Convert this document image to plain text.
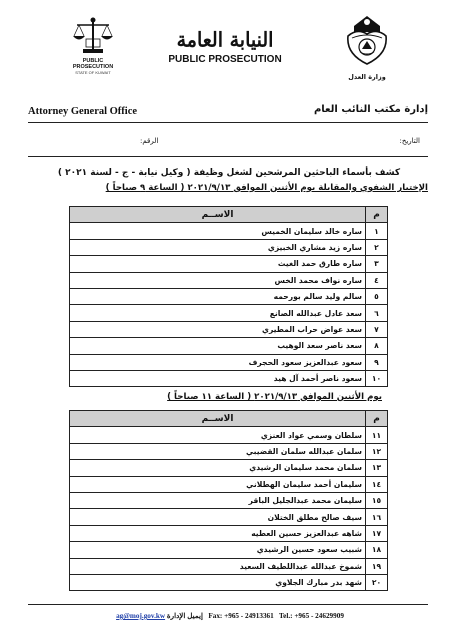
PUBLIC PROSECUTION
STATE OF KUWAIT
النيابة العامة
PUBLIC PROSECUTION
وزارة العدل
Attorney General Office	إدارة مكتب النائب العام
التاريخ:
الرقم:
كشف بأسماء الباحثين المرشحين لشغل وظيفة ( وكيل نيابة - ج - لسنة ٢٠٢١ )
الإختبار الشفوي والمقابلة يوم الأثنين الموافق ٢٠٢١/٩/١٣ ( الساعة ٩ صباحاً )
م	الاســم
١	ساره خالد سليمان الخميس
٢	ساره زيد مشاري الخبيزي
٣	ساره طارق حمد الغيث
٤	ساره نواف محمد الخس
٥	سالم وليد سالم بورحمه
٦	سعد عادل عبدالله الصانع
٧	سعد عواض حراب المطيري
٨	سعد ناصر سعد الوهيب
٩	سعود عبدالعزيز سعود الحجرف
١٠	سعود ناصر أحمد آل هيد
يوم الأثنين الموافق ٢٠٢١/٩/١٣ ( الساعة ١١ صباحاً )
م	الاســم
١١	سلطان وسمي عواد العنزي
١٢	سلمان عبدالله سلمان القضيبي
١٣	سلمان محمد سليمان الرشيدي
١٤	سليمان أحمد سليمان الهطلاني
١٥	سليمان محمد عبدالجليل الباقر
١٦	سيف صالح مطلق الختلان
١٧	شاهه عبدالعزيز حسين العطيه
١٨	شبيب سعود حسين الرشيدي
١٩	شموخ عبدالله عبداللطيف السعيد
٢٠	شهد بدر مبارك الجلاوي
ag@moj.gov.kw إيميل الإدارة Fax: +965 - 24913361 Tel.: +965 - 24629909
